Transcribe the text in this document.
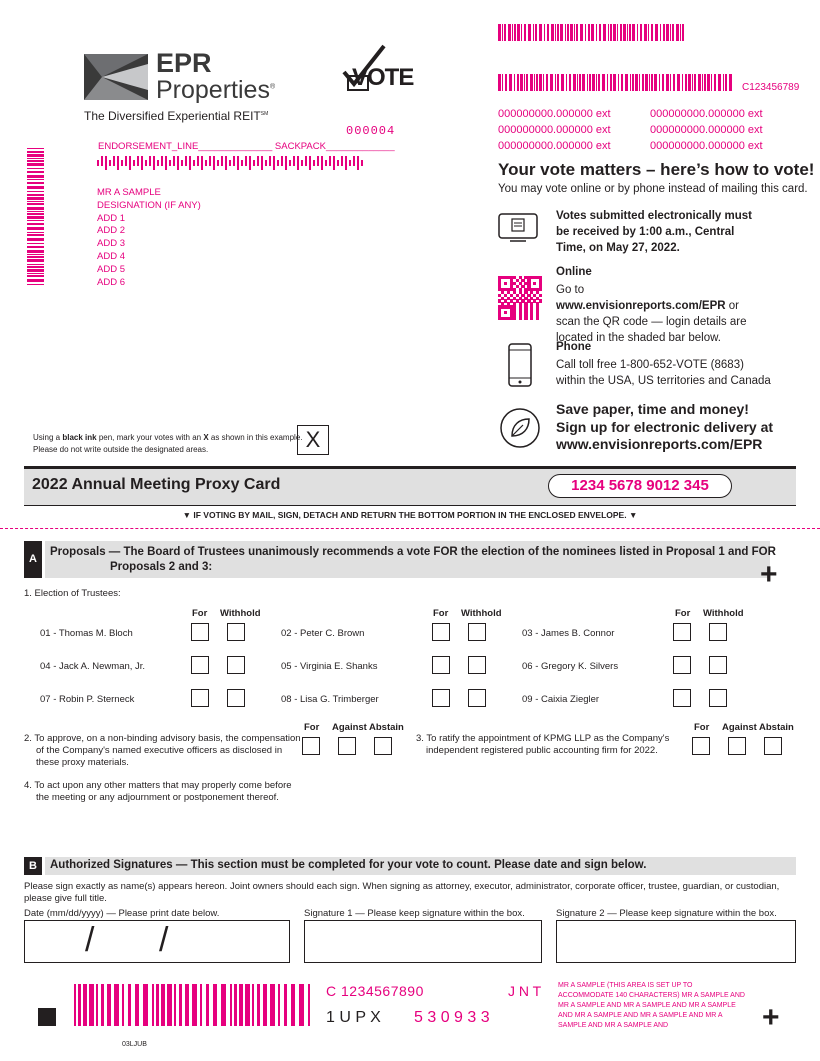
EPR
Properties®
The Diversified Experiential REIT℠
VOTE
000004
C123456789
000000000.000000 ext	000000000.000000 ext
000000000.000000 ext	000000000.000000 ext
000000000.000000 ext	000000000.000000 ext
ENDORSEMENT_LINE______________ SACKPACK_____________
MR A SAMPLE
DESIGNATION (IF ANY)
ADD 1
ADD 2
ADD 3
ADD 4
ADD 5
ADD 6
Your vote matters – here’s how to vote!
You may vote online or by phone instead of mailing this card.
Votes submitted electronically must be received by 1:00 a.m., Central Time, on May 27, 2022.
Online
Go to www.envisionreports.com/EPR or scan the QR code — login details are located in the shaded bar below.
Phone
Call toll free 1-800-652-VOTE (8683) within the USA, US territories and Canada
Save paper, time and money!
Sign up for electronic delivery at
www.envisionreports.com/EPR
Using a black ink pen, mark your votes with an X as shown in this example.
Please do not write outside the designated areas.	X
2022 Annual Meeting Proxy Card	1234 5678 9012 345
▼ IF VOTING BY MAIL, SIGN, DETACH AND RETURN THE BOTTOM PORTION IN THE ENCLOSED ENVELOPE. ▼
A
Proposals — The Board of Trustees unanimously recommends a vote FOR the election of the nominees listed in Proposal 1 and FOR
Proposals 2 and 3:	+
1. Election of Trustees:
For Withhold	For Withhold	For Withhold
01 - Thomas M. Bloch	02 - Peter C. Brown	03 - James B. Connor
04 - Jack A. Newman, Jr.	05 - Virginia E. Shanks	06 - Gregory K. Silvers
07 - Robin P. Sterneck	08 - Lisa G. Trimberger	09 - Caixia Ziegler
2. To approve, on a non-binding advisory basis, the compensation
of the Company's named executive officers as disclosed in
these proxy materials.
For Against Abstain
3. To ratify the appointment of KPMG LLP as the Company's
independent registered public accounting firm for 2022.
For Against Abstain
4. To act upon any other matters that may properly come before
the meeting or any adjournment or postponement thereof.
B	Authorized Signatures — This section must be completed for your vote to count. Please date and sign below.
Please sign exactly as name(s) appears hereon. Joint owners should each sign. When signing as attorney, executor, administrator, corporate officer, trustee, guardian, or custodian, please give full title.
Date (mm/dd/yyyy) — Please print date below.	Signature 1 — Please keep signature within the box.	Signature 2 — Please keep signature within the box.
/ /
C 1234567890	J N T
1 U P X 5 3 0 9 3 3
MR A SAMPLE (THIS AREA IS SET UP TO ACCOMMODATE 140 CHARACTERS) MR A SAMPLE AND MR A SAMPLE AND MR A SAMPLE AND MR A SAMPLE AND MR A SAMPLE AND MR A SAMPLE AND MR A SAMPLE AND MR A SAMPLE AND	+
03LJUB
